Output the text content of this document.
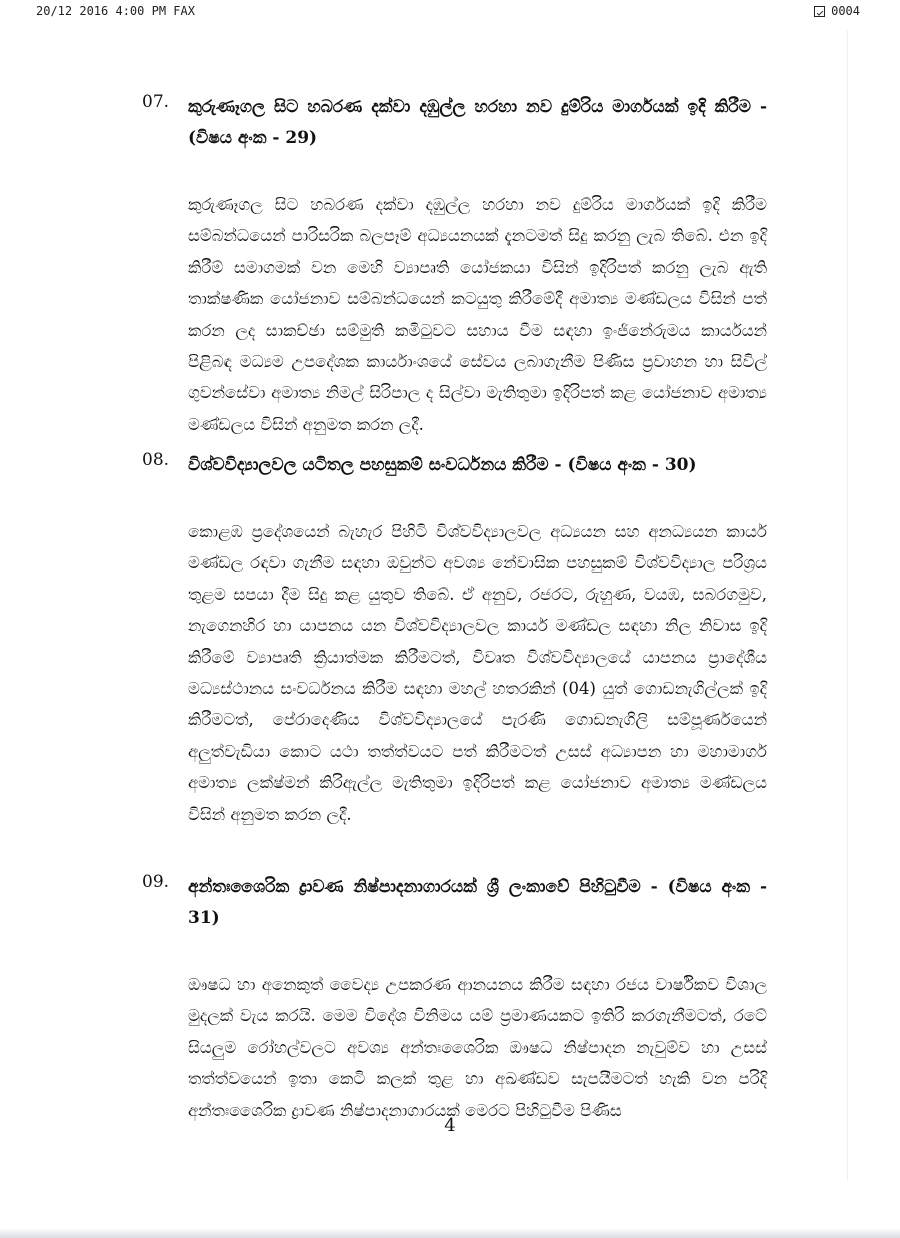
20/12 2016 4:00 PM FAX	0004
07. කුරුණෑගල සිට හබරණ දක්වා දඹුල්ල හරහා නව දුම්රිය මාර්ගයක් ඉදි කිරීම - (විෂය අංක - 29)
කුරුණෑගල සිට හබරණ දක්වා දඹුල්ල හරහා නව දුම්රිය මාර්ගයක් ඉදි කිරීම සම්බන්ධයෙන් පාරිසරික බලපෑම් අධ්‍යයනයක් දැනටමත් සිදු කරනු ලැබ තිබේ. එන ඉදි කිරීම් සමාගමක් වන මෙහි ව්‍යාපෘති යෝජකයා විසින් ඉදිරිපත් කරනු ලැබ ඇති තාක්ෂණික යෝජනාව සම්බන්ධයෙන් කටයුතු කිරීමේදී අමාත්‍ය මණ්ඩලය විසින් පත් කරන ලද සාකච්ඡා සම්මුති කමිටුවට සහාය වීම සඳහා ඉංජිනේරුමය කාර්යයන් පිළිබඳ මධ්‍යම උපදේශක කාර්යාංශයේ සේවය ලබාගැනීම පිණිස ප්‍රවාහන හා සිවිල් ගුවන්සේවා අමාත්‍ය නිමල් සිරිපාල ද සිල්වා මැතිතුමා ඉදිරිපත් කළ යෝජනාව අමාත්‍ය මණ්ඩලය විසින් අනුමත කරන ලදී.
08. විශ්වවිද්‍යාලවල යටිතල පහසුකම් සංවර්ධනය කිරීම - (විෂය අංක - 30)
කොළඹ ප්‍රදේශයෙන් බැහැර පිහිටි විශ්වවිද්‍යාලවල අධ්‍යයන සහ අනධ්‍යයන කාර්ය මණ්ඩල රඳවා ගැනීම සඳහා ඔවුන්ට අවශ්‍ය නේවාසික පහසුකම් විශ්වවිද්‍යාල පරිශ්‍රය තුළම සපයා දීම සිදු කළ යුතුව තිබේ. ඒ අනුව, රජරට, රුහුණ, වයඹ, සබරගමුව, නැගෙනහිර හා යාපනය යන විශ්වවිද්‍යාලවල කාර්ය මණ්ඩල සඳහා නිල නිවාස ඉදි කිරීමේ ව්‍යාපෘති ක්‍රියාත්මක කිරීමටත්, විවෘත විශ්වවිද්‍යාලයේ යාපනය ප්‍රාදේශීය මධ්‍යස්ථානය සංවර්ධනය කිරීම සඳහා මහල් හතරකින් (04) යුත් ගොඩනැගිල්ලක් ඉදි කිරීමටත්, පේරාදෙණිය විශ්වවිද්‍යාලයේ පැරණි ගොඩනැගිලි සම්පූර්ණයෙන් අලුත්වැඩියා කොට යථා තත්ත්වයට පත් කිරීමටත් උසස් අධ්‍යාපන හා මහාමාර්ග අමාත්‍ය ලක්ෂ්මන් කිරිඇල්ල මැතිතුමා ඉදිරිපත් කළ යෝජනාව අමාත්‍ය මණ්ඩලය විසින් අනුමත කරන ලදී.
09. අන්තඃශෛරික ද්‍රාවණ නිෂ්පාදනාගාරයක් ශ්‍රී ලංකාවේ පිහිටුවීම - (විෂය අංක - 31)
ඖෂධ හා අනෙකුත් වෛද්‍ය උපකරණ ආනයනය කිරීම සඳහා රජය වාර්ෂිකව විශාල මුදලක් වැය කරයි. මෙම විදේශ විනිමය යම් ප්‍රමාණයකට ඉතිරි කරගැනීමටත්, රටේ සියලුම රෝහල්වලට අවශ්‍ය අන්තඃශෛරික ඖෂධ නිෂ්පාදන නැවුම්ව හා උසස් තත්ත්වයෙන් ඉතා කෙටි කලක් තුළ හා අඛණ්ඩව සැපයීමටත් හැකි වන පරිදි අන්තඃශෛරික ද්‍රාවණ නිෂ්පාදනාගාරයක් මෙරට පිහිටුවීම පිණිස
4
